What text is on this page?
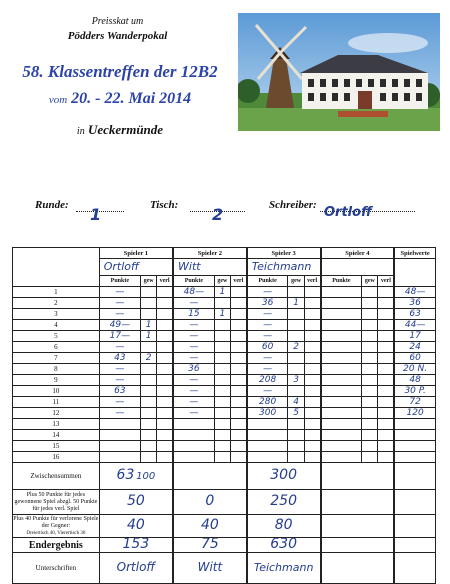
Preisskat um
Pödders Wanderpokal
58. Klassentreffen der 12B2
vom 20. - 22. Mai 2014
in Ueckermünde
Runde: 1	Tisch: 2	Schreiber: Ortloff
	Spieler 1			Spieler 2			Spieler 3			Spieler 4			Spielwerte
	Ortloff			Witt			Teichmann						
	Punkte	gew	verl	Punkte	gew	verl	Punkte	gew	verl	Punkte	gew	verl	
1	—			48—	1		—						48—
2	—			—			36	1					36
3	—			15	1		—						63
4	49—	1		—			—						44—
5	17—	1		—			—						17
6	—			—			60	2					24
7	43	2		—			—						60
8	—			36			—						20 N.
9	—			—			208	3					48
10	63			—			—						30 P.
11	—			—			280	4					72
12	—			—			300	5					120
13													
14													
15													
16													
Zwischensummen	63 100						300						
Plus 50 Punkte für jedes gewonnene Spiel abzgl. 50 Punkte für jedes verl. Spiel	50			0			250						
Plus 40 Punkte für verlorene Spiele der Gegner:
Dreiertisch 40, Vierertisch 30	40			40			80						
Endergebnis	153			75			630						
Unterschriften	Ortloff			Witt			Teichmann						
